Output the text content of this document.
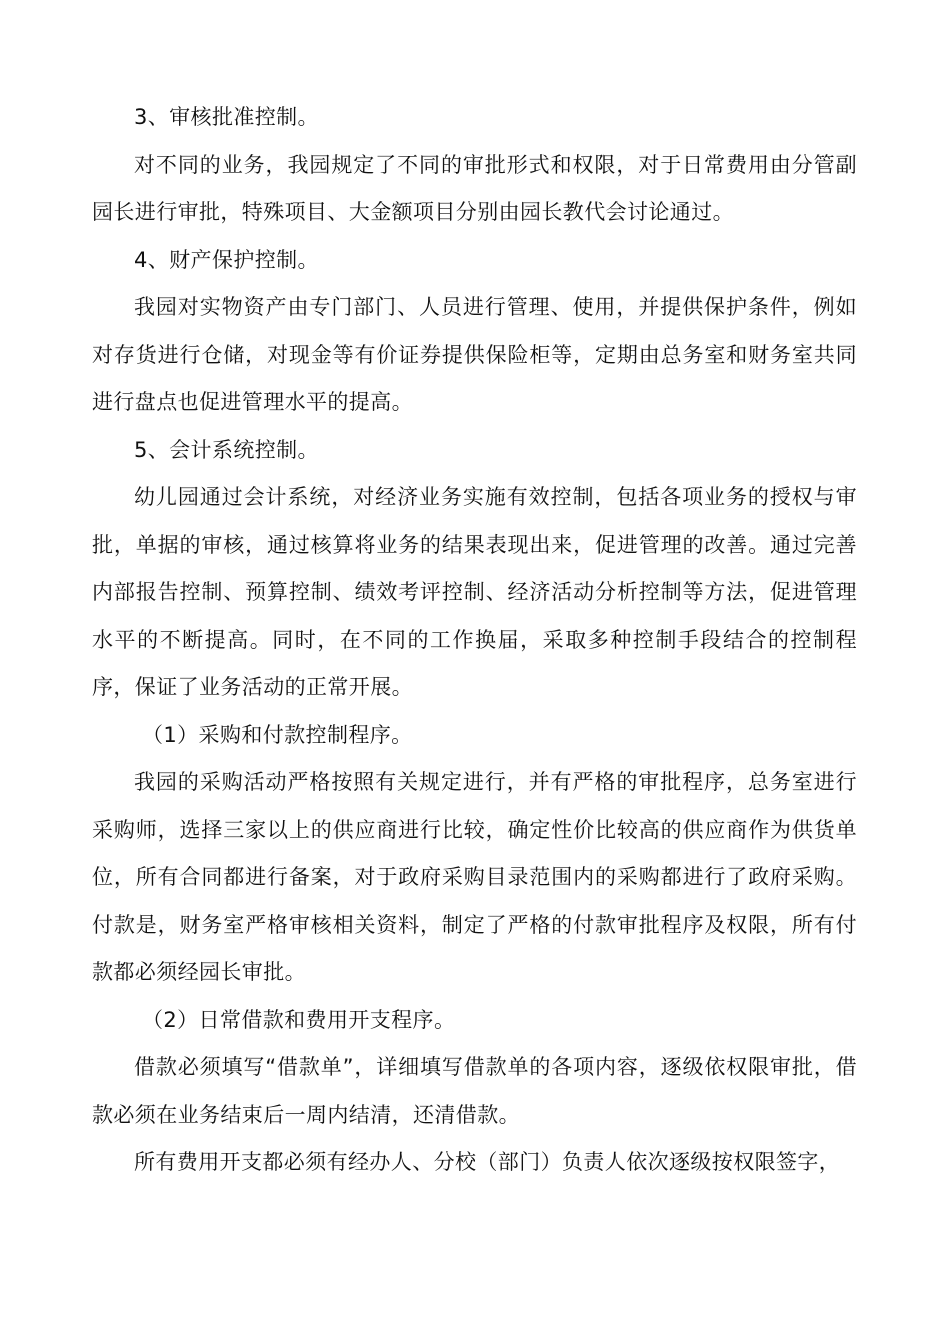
3、审核批准控制。

对不同的业务，我园规定了不同的审批形式和权限，对于日常费用由分管副园长进行审批，特殊项目、大金额项目分别由园长教代会讨论通过。

4、财产保护控制。

我园对实物资产由专门部门、人员进行管理、使用，并提供保护条件，例如对存货进行仓储，对现金等有价证券提供保险柜等，定期由总务室和财务室共同进行盘点也促进管理水平的提高。

5、会计系统控制。

幼儿园通过会计系统，对经济业务实施有效控制，包括各项业务的授权与审批，单据的审核，通过核算将业务的结果表现出来，促进管理的改善。通过完善内部报告控制、预算控制、绩效考评控制、经济活动分析控制等方法，促进管理水平的不断提高。同时，在不同的工作换届，采取多种控制手段结合的控制程序，保证了业务活动的正常开展。

（1）采购和付款控制程序。

我园的采购活动严格按照有关规定进行，并有严格的审批程序，总务室进行采购师，选择三家以上的供应商进行比较，确定性价比较高的供应商作为供货单位，所有合同都进行备案，对于政府采购目录范围内的采购都进行了政府采购。付款是，财务室严格审核相关资料，制定了严格的付款审批程序及权限，所有付款都必须经园长审批。

（2）日常借款和费用开支程序。

借款必须填写“借款单”，详细填写借款单的各项内容，逐级依权限审批，借款必须在业务结束后一周内结清，还清借款。

所有费用开支都必须有经办人、分校（部门）负责人依次逐级按权限签字，
